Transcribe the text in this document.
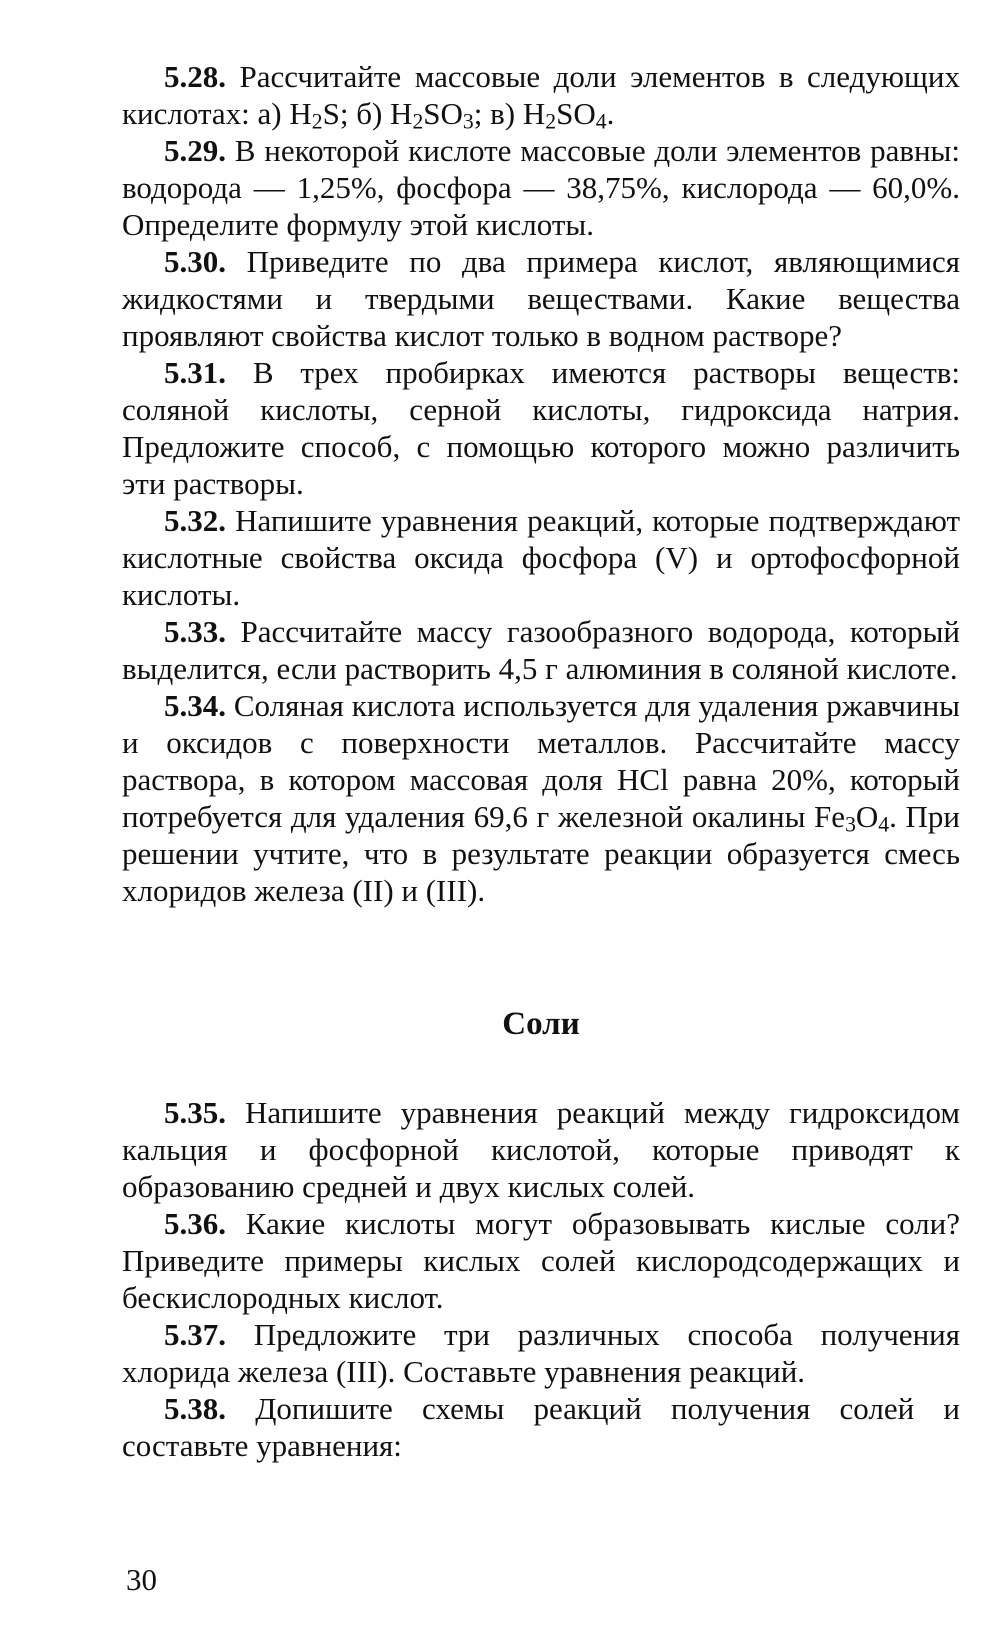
5.28. Рассчитайте массовые доли элементов в следующих кислотах: а) $H_2S$; б) $H_2SO_3$; в) $H_2SO_4$.

5.29. В некоторой кислоте массовые доли элементов равны: водорода — 1,25%, фосфора — 38,75%, кислорода — 60,0%. Определите формулу этой кислоты.

5.30. Приведите по два примера кислот, являющимися жидкостями и твердыми веществами. Какие вещества проявляют свойства кислот только в водном растворе?

5.31. В трех пробирках имеются растворы веществ: соляной кислоты, серной кислоты, гидроксида натрия. Предложите способ, с помощью которого можно различить эти растворы.

5.32. Напишите уравнения реакций, которые подтверждают кислотные свойства оксида фосфора (V) и ортофосфорной кислоты.

5.33. Рассчитайте массу газообразного водорода, который выделится, если растворить 4,5 г алюминия в соляной кислоте.

5.34. Соляная кислота используется для удаления ржавчины и оксидов с поверхности металлов. Рассчитайте массу раствора, в котором массовая доля HCl равна 20%, который потребуется для удаления 69,6 г железной окалины $Fe_3O_4$. При решении учтите, что в результате реакции образуется смесь хлоридов железа (II) и (III).

Соли

5.35. Напишите уравнения реакций между гидроксидом кальция и фосфорной кислотой, которые приводят к образованию средней и двух кислых солей.

5.36. Какие кислоты могут образовывать кислые соли? Приведите примеры кислых солей кислородсодержащих и бескислородных кислот.

5.37. Предложите три различных способа получения хлорида железа (III). Составьте уравнения реакций.

5.38. Допишите схемы реакций получения солей и составьте уравнения:

30
